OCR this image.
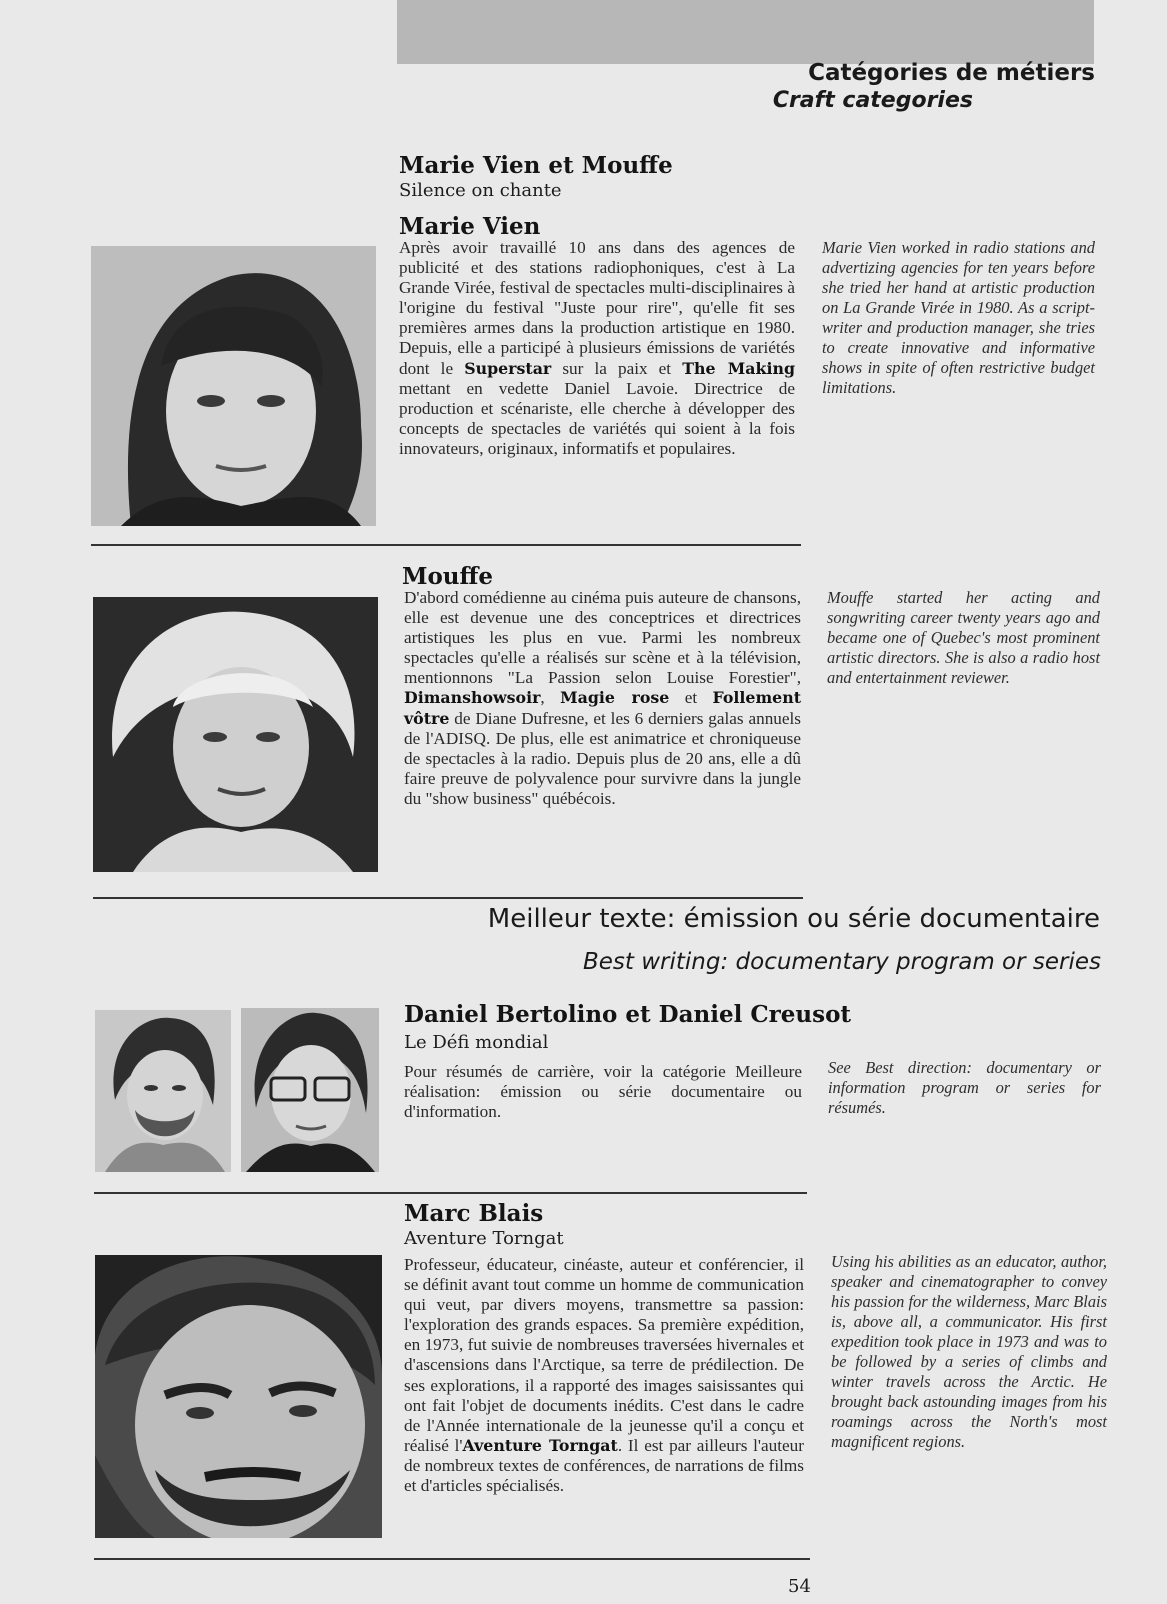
Catégories de métiers
Craft categories
Marie Vien et Mouffe
Silence on chante
Marie Vien
Après avoir travaillé 10 ans dans des agences de publicité et des stations radiophoniques, c'est à La Grande Virée, festival de spectacles multi-disciplinaires à l'origine du festival "Juste pour rire", qu'elle fit ses premières armes dans la production artistique en 1980. Depuis, elle a participé à plusieurs émissions de variétés dont le Superstar sur la paix et The Making mettant en vedette Daniel Lavoie. Directrice de production et scénariste, elle cherche à développer des concepts de spectacles de variétés qui soient à la fois innovateurs, originaux, informatifs et populaires.
Marie Vien worked in radio stations and advertizing agencies for ten years before she tried her hand at artistic production on La Grande Virée in 1980. As a script-writer and production manager, she tries to create innovative and informative shows in spite of often restrictive budget limitations.
Mouffe
D'abord comédienne au cinéma puis auteure de chansons, elle est devenue une des conceptrices et directrices artistiques les plus en vue. Parmi les nombreux spectacles qu'elle a réalisés sur scène et à la télévision, mentionnons "La Passion selon Louise Forestier", Dimanshowsoir, Magie rose et Follement vôtre de Diane Dufresne, et les 6 derniers galas annuels de l'ADISQ. De plus, elle est animatrice et chroniqueuse de spectacles à la radio. Depuis plus de 20 ans, elle a dû faire preuve de polyvalence pour survivre dans la jungle du "show business" québécois.
Mouffe started her acting and songwriting career twenty years ago and became one of Quebec's most prominent artistic directors. She is also a radio host and entertainment reviewer.
Meilleur texte: émission ou série documentaire
Best writing: documentary program or series
Daniel Bertolino et Daniel Creusot
Le Défi mondial
Pour résumés de carrière, voir la catégorie Meilleure réalisation: émission ou série documentaire ou d'information.
See Best direction: documentary or information program or series for résumés.
Marc Blais
Aventure Torngat
Professeur, éducateur, cinéaste, auteur et conférencier, il se définit avant tout comme un homme de communication qui veut, par divers moyens, transmettre sa passion: l'exploration des grands espaces. Sa première expédition, en 1973, fut suivie de nombreuses traversées hivernales et d'ascensions dans l'Arctique, sa terre de prédilection. De ses explorations, il a rapporté des images saisissantes qui ont fait l'objet de documents inédits. C'est dans le cadre de l'Année internationale de la jeunesse qu'il a conçu et réalisé l'Aventure Torngat. Il est par ailleurs l'auteur de nombreux textes de conférences, de narrations de films et d'articles spécialisés.
Using his abilities as an educator, author, speaker and cinematographer to convey his passion for the wilderness, Marc Blais is, above all, a communicator. His first expedition took place in 1973 and was to be followed by a series of climbs and winter travels across the Arctic. He brought back astounding images from his roamings across the North's most magnificent regions.
54
